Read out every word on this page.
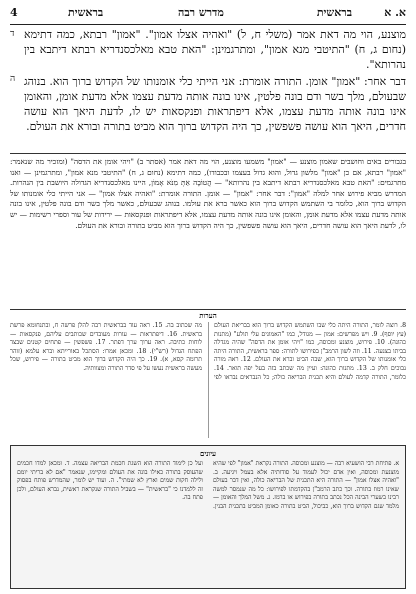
א. א
בראשית
מדרש רבה
בראשית
4
ד
ה

מוצנע, הוי מה דאת אמר (משלי ח, ל) "ואהיה אצלו אמון". "אמון" רבתא, כמה דתימא (נחום ג, ח) "התיטבי מנא אמון", ומתרגמינן: "האת טבא מאלכסנדריא רבתא דיתבא בין נהרותא".

דבר אחר: "אמון" אומן. התורה אומרת: אני הייתי כלי אומנותו של הקדוש ברוך הוא. בנוהג שבעולם, מלך בשר ודם בונה פלטין, אינו בונה אותה מדעת עצמו אלא מדעת אומן, והאומן אינו בונה אותה מדעת עצמו, אלא דיפתראות ופנקסאות יש לו, לדעת היאך הוא עושה חדרים, היאך הוא עושה פשפשין, כך היה הקדוש ברוך הוא מביט בתורה ובורא את העולם.

בגבורים באים וחושבים שאמון מוצנע — "אמון" משמעו מוצנע, הוי מה דאת אמר (אסתר ב) "ויהי אומן את הדסה" (ומזכיר מה שנאמר: "אמון" רבתא, אם כן "אמון" מלשון גדול, והוא גדול בעצמו ובכבודו), כמה דתימא (נחום ג, ח) "התיטבי מנא אמון", ומתרגמינן — ואנו מתרגמים: "האת טבא מאלכסנדריא רבתא דיתבא בין נהרותא" — הֲטוֹבָה אַתְּ מִנֹּא אָמוֹן, היינו מאלכסנדריא הגדולה היושבת בין הנהרות. המדרש מביא פירוש אחר למלה "אמון": דבר אחר: "אמון" — אומן. התורה אומרת: "ואהיה אצלו אמון" — אני הייתי כלי אומנותו של הקדוש ברוך הוא, כלומר בי השתמש הקדוש ברוך הוא כאשר ברא את עולמו. בנוהג שבעולם, כאשר מלך בשר ודם בונה פלטין, אינו בונה אותה מדעת עצמו אלא מדעת אומן, והאומן אינו בונה אותה מדעת עצמו, אלא דיפתראות ופנקסאות — ירידות של עור וספרי רשימות — יש לו, לדעת היאך הוא עושה חדרים, היאך הוא עושה פשפשין, כך היה הקדוש ברוך הוא מביט בתורה ובורא את העולם.
הערות
8. רוצה לומר, התורה היתה כלי שבו השתמש הקדוש ברוך הוא בבריאת העולם (עץ יוסף). 9. ויש מפרשים: אמון — מגודל, כמו "האמונים עלי תולע" (מתנות כהונה). 10. פירוש, מוצנע ומכוסה, כמו "ויהי אומן את הדסה" שהיה מגדלה בביתו בצנעה. 11. וזה לשון הרמב"ן בפירושו לתורה: ספר בראשית, התורה היתה כלי אומנותו של הקדוש ברוך הוא, שבה הביט וברא את העולם. 12. ראה מורה נבוכים חלק ב. 13. מתנות כהונה: ועיין מה שכתב בזה בעל יפה תואר. 14. כלומר, התורה קדמה לעולם והיא תכנית הבריאה כולה; כל הנבראים נבראו לפי מה שכתוב בה. 15. ראה עוד בבראשית רבה להלן פרשה ח, ובתנחומא פרשת בראשית. 16. דיפתראות — עורות מעובדים שכותבים עליהם, פנקסאות — לוחות כתיבה. ראה ערוך ערך דפתר. 17. פשפשין — פתחים קטנים שבצד הפתח הגדול (רש"י). 18. ומכאן אמרו: הסתכל באורייתא וברא עלמא (זוהר תרומה קסא, א). 19. כך היה הקדוש ברוך הוא מביט בתורה — פירוש, שכל מעשה בראשית נעשו על פי סדר התורה ומצוותיה.
עיונים
א. פתיחת רבי הושעיא רבה — מוצנע ומכוסה. התורה נקראת "אמון" לפי שהיא מוצנעת ומכוסה, ואין אדם יכול לעמוד על סודותיה אלא בעמל ויגיעה. ב. "ואהיה אצלו אמון" — התורה היא התכנית של הבריאה כולה, ואין דבר בעולם שאינו רמוז בתורה. וכך כתב הרמב"ן בהקדמתו לפירושו: כל מה שנמסר למשה רבינו בשערי הבינה הכל נכתב בתורה בפירוש או ברמז. ג. משל המלך והאומן — מלמד שגם הקדוש ברוך הוא, כביכול, הביט בתורה כאומן המביט בתכנית הבנין. ועל כן לימוד התורה הוא השגת חכמת הבריאה עצמה. ד. ומכאן למדו חכמים שהעוסק בתורה כאילו בונה את העולם ומקיימו, שנאמר "אם לא בריתי יומם ולילה חקות שמים וארץ לא שמתי". ה. ועוד יש לומר, שהמדרש פותח בפסוק זה ללמדנו כי "בראשית" — בשביל התורה שנקראת ראשית, נברא העולם, ולכן פתח בה.
